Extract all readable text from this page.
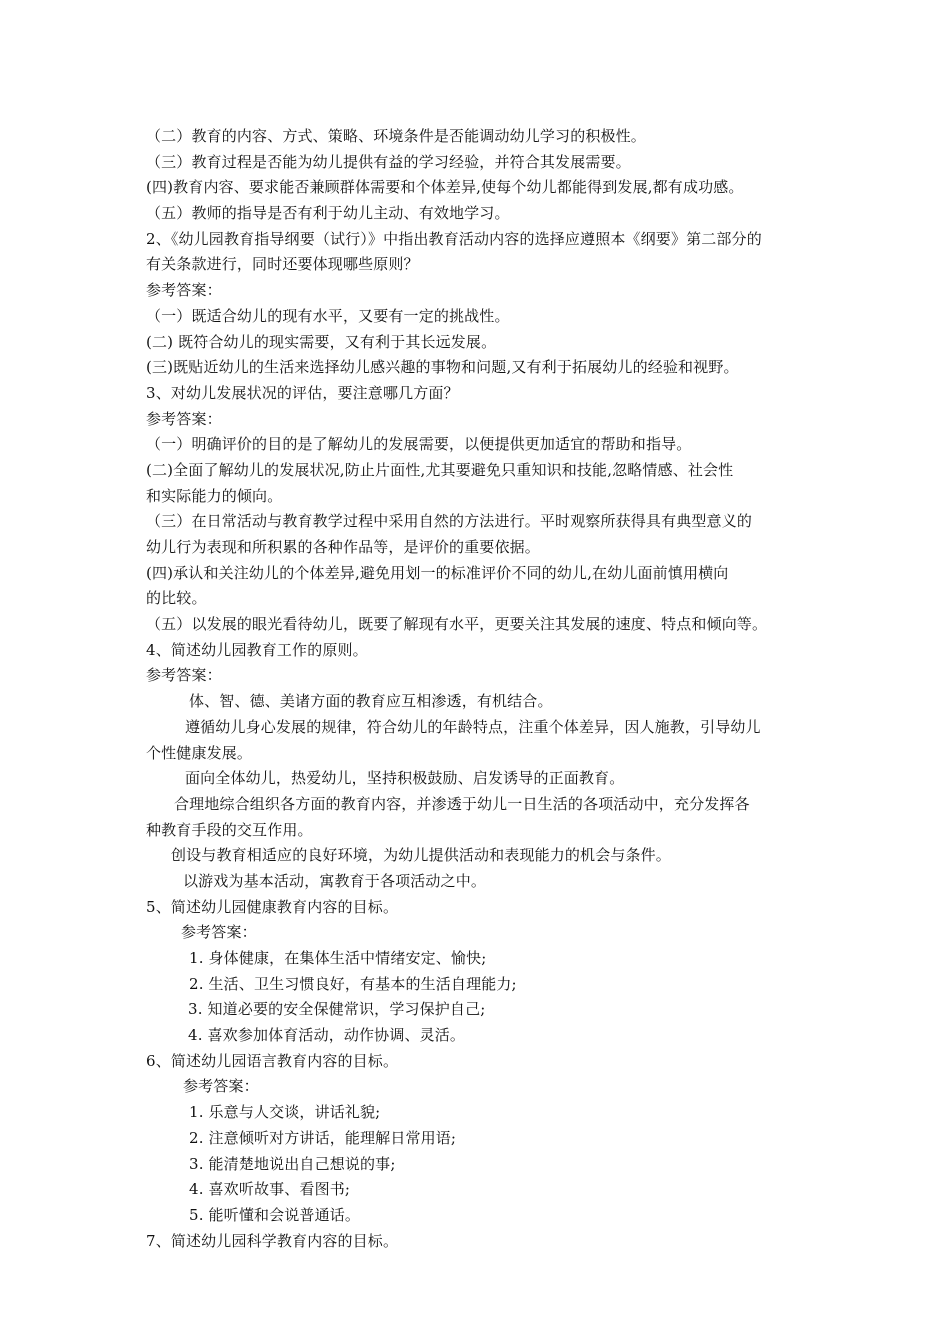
（二）教育的内容、方式、策略、环境条件是否能调动幼儿学习的积极性。
（三）教育过程是否能为幼儿提供有益的学习经验，并符合其发展需要。
(四)教育内容、要求能否兼顾群体需要和个体差异,使每个幼儿都能得到发展,都有成功感。
（五）教师的指导是否有利于幼儿主动、有效地学习。
2、《幼儿园教育指导纲要（试行）》中指出教育活动内容的选择应遵照本《纲要》第二部分的
有关条款进行，同时还要体现哪些原则？
参考答案：
（一）既适合幼儿的现有水平，又要有一定的挑战性。
(二) 既符合幼儿的现实需要，又有利于其长远发展。
(三)既贴近幼儿的生活来选择幼儿感兴趣的事物和问题,又有利于拓展幼儿的经验和视野。
3、对幼儿发展状况的评估，要注意哪几方面？
参考答案：
（一）明确评价的目的是了解幼儿的发展需要，以便提供更加适宜的帮助和指导。
(二)全面了解幼儿的发展状况,防止片面性,尤其要避免只重知识和技能,忽略情感、社会性
和实际能力的倾向。
（三）在日常活动与教育教学过程中采用自然的方法进行。平时观察所获得具有典型意义的
幼儿行为表现和所积累的各种作品等，是评价的重要依据。
(四)承认和关注幼儿的个体差异,避免用划一的标准评价不同的幼儿,在幼儿面前慎用横向
的比较。
（五）以发展的眼光看待幼儿，既要了解现有水平，更要关注其发展的速度、特点和倾向等。
4、简述幼儿园教育工作的原则。
参考答案：
体、智、德、美诸方面的教育应互相渗透，有机结合。
遵循幼儿身心发展的规律，符合幼儿的年龄特点，注重个体差异，因人施教，引导幼儿
个性健康发展。
面向全体幼儿，热爱幼儿，坚持积极鼓励、启发诱导的正面教育。
合理地综合组织各方面的教育内容，并渗透于幼儿一日生活的各项活动中，充分发挥各
种教育手段的交互作用。
创设与教育相适应的良好环境，为幼儿提供活动和表现能力的机会与条件。
以游戏为基本活动，寓教育于各项活动之中。
5、简述幼儿园健康教育内容的目标。
参考答案：
1. 身体健康，在集体生活中情绪安定、愉快;
2. 生活、卫生习惯良好，有基本的生活自理能力;
3. 知道必要的安全保健常识，学习保护自己;
4. 喜欢参加体育活动，动作协调、灵活。
6、简述幼儿园语言教育内容的目标。
参考答案：
1. 乐意与人交谈，讲话礼貌;
2. 注意倾听对方讲话，能理解日常用语;
3. 能清楚地说出自己想说的事;
4. 喜欢听故事、看图书;
5. 能听懂和会说普通话。
7、简述幼儿园科学教育内容的目标。
